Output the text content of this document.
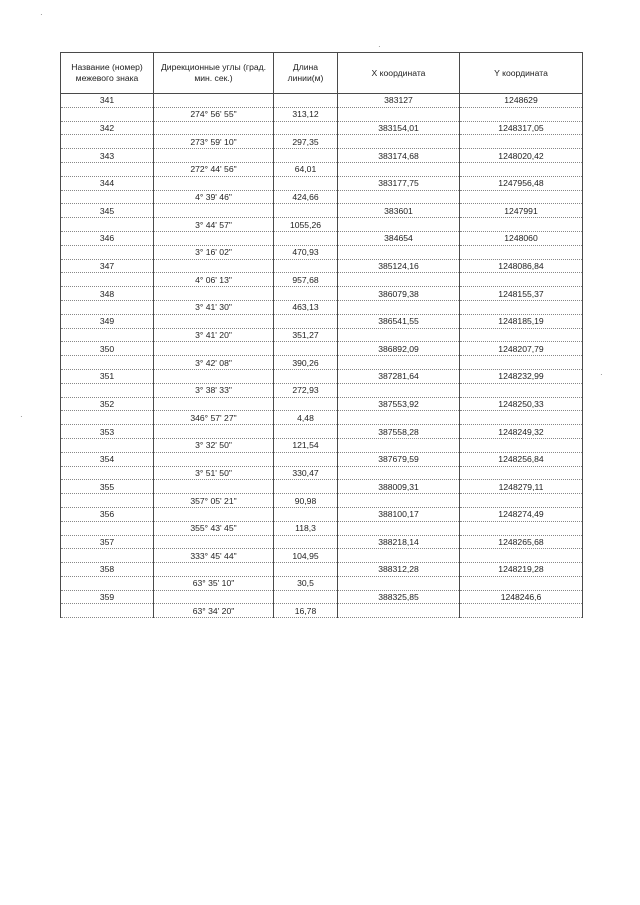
Название (номер) межевого знака	Дирекционные углы (град. мин. сек.)	Длина линии(м)	X координата	Y координата
341			383127	1248629
	274° 56' 55"	313,12		
342			383154,01	1248317,05
	273° 59' 10"	297,35		
343			383174,68	1248020,42
	272° 44' 56"	64,01		
344			383177,75	1247956,48
	4° 39' 46"	424,66		
345			383601	1247991
	3° 44' 57"	1055,26		
346			384654	1248060
	3° 16' 02"	470,93		
347			385124,16	1248086,84
	4° 06' 13"	957,68		
348			386079,38	1248155,37
	3° 41' 30"	463,13		
349			386541,55	1248185,19
	3° 41' 20"	351,27		
350			386892,09	1248207,79
	3° 42' 08"	390,26		
351			387281,64	1248232,99
	3° 38' 33"	272,93		
352			387553,92	1248250,33
	346° 57' 27"	4,48		
353			387558,28	1248249,32
	3° 32' 50"	121,54		
354			387679,59	1248256,84
	3° 51' 50"	330,47		
355			388009,31	1248279,11
	357° 05' 21"	90,98		
356			388100,17	1248274,49
	355° 43' 45"	118,3		
357			388218,14	1248265,68
	333° 45' 44"	104,95		
358			388312,28	1248219,28
	63° 35' 10"	30,5		
359			388325,85	1248246,6
	63° 34' 20"	16,78		
·
·
·
·
